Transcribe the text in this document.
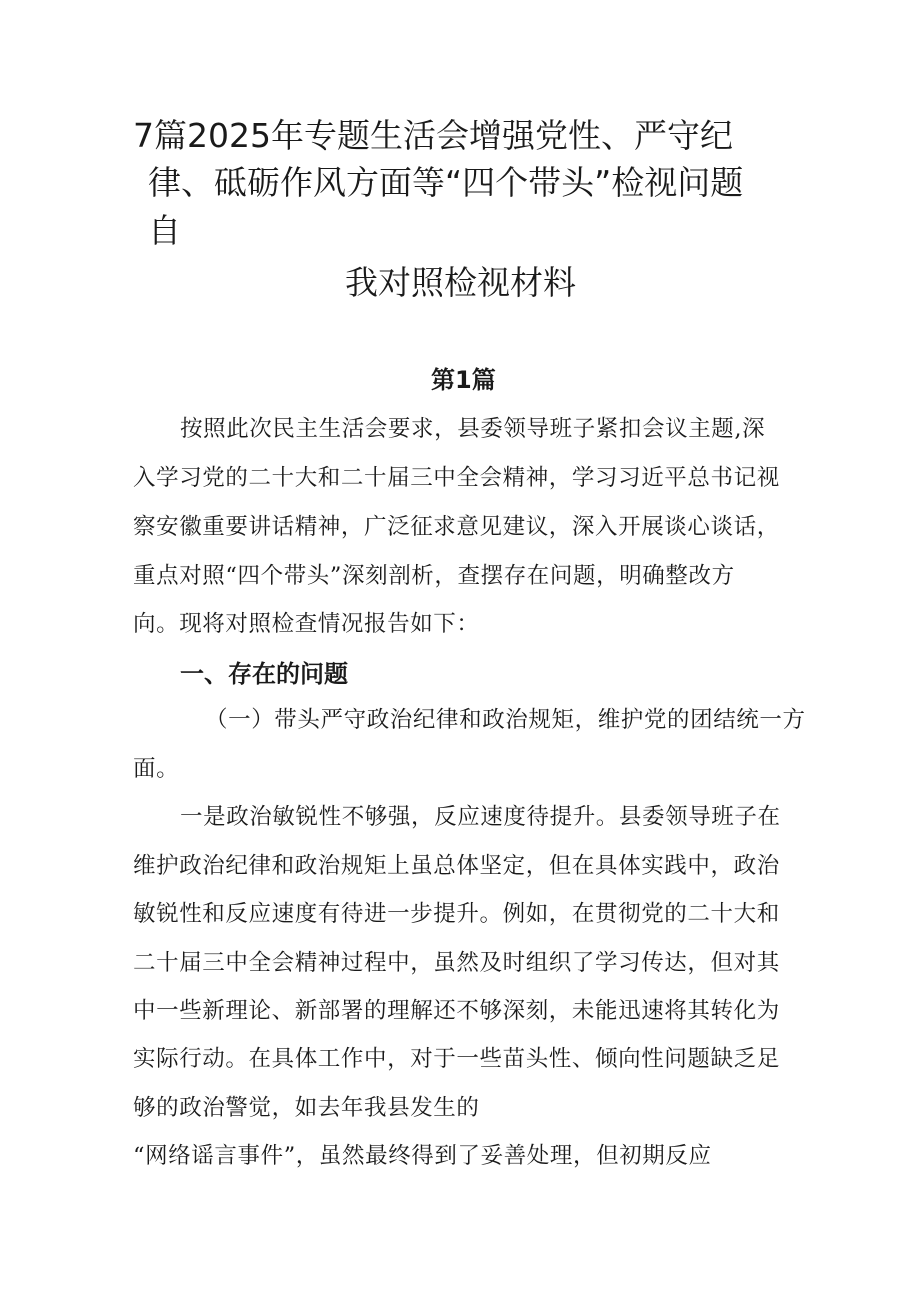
7篇2025年专题生活会增强党性、严守纪

律、砥砺作风方面等“四个带头”检视问题

自

我对照检视材料

第1篇

按照此次民主生活会要求，县委领导班子紧扣会议主题,深

入学习党的二十大和二十届三中全会精神，学习习近平总书记视

察安徽重要讲话精神，广泛征求意见建议，深入开展谈心谈话，

重点对照“四个带头”深刻剖析，查摆存在问题，明确整改方

向。现将对照检查情况报告如下：

一、存在的问题

（一）带头严守政治纪律和政治规矩，维护党的团结统一方

面。

一是政治敏锐性不够强，反应速度待提升。县委领导班子在

维护政治纪律和政治规矩上虽总体坚定，但在具体实践中，政治

敏锐性和反应速度有待进一步提升。例如，在贯彻党的二十大和

二十届三中全会精神过程中，虽然及时组织了学习传达，但对其

中一些新理论、新部署的理解还不够深刻，未能迅速将其转化为

实际行动。在具体工作中，对于一些苗头性、倾向性问题缺乏足

够的政治警觉，如去年我县发生的

“网络谣言事件”，虽然最终得到了妥善处理，但初期反应
